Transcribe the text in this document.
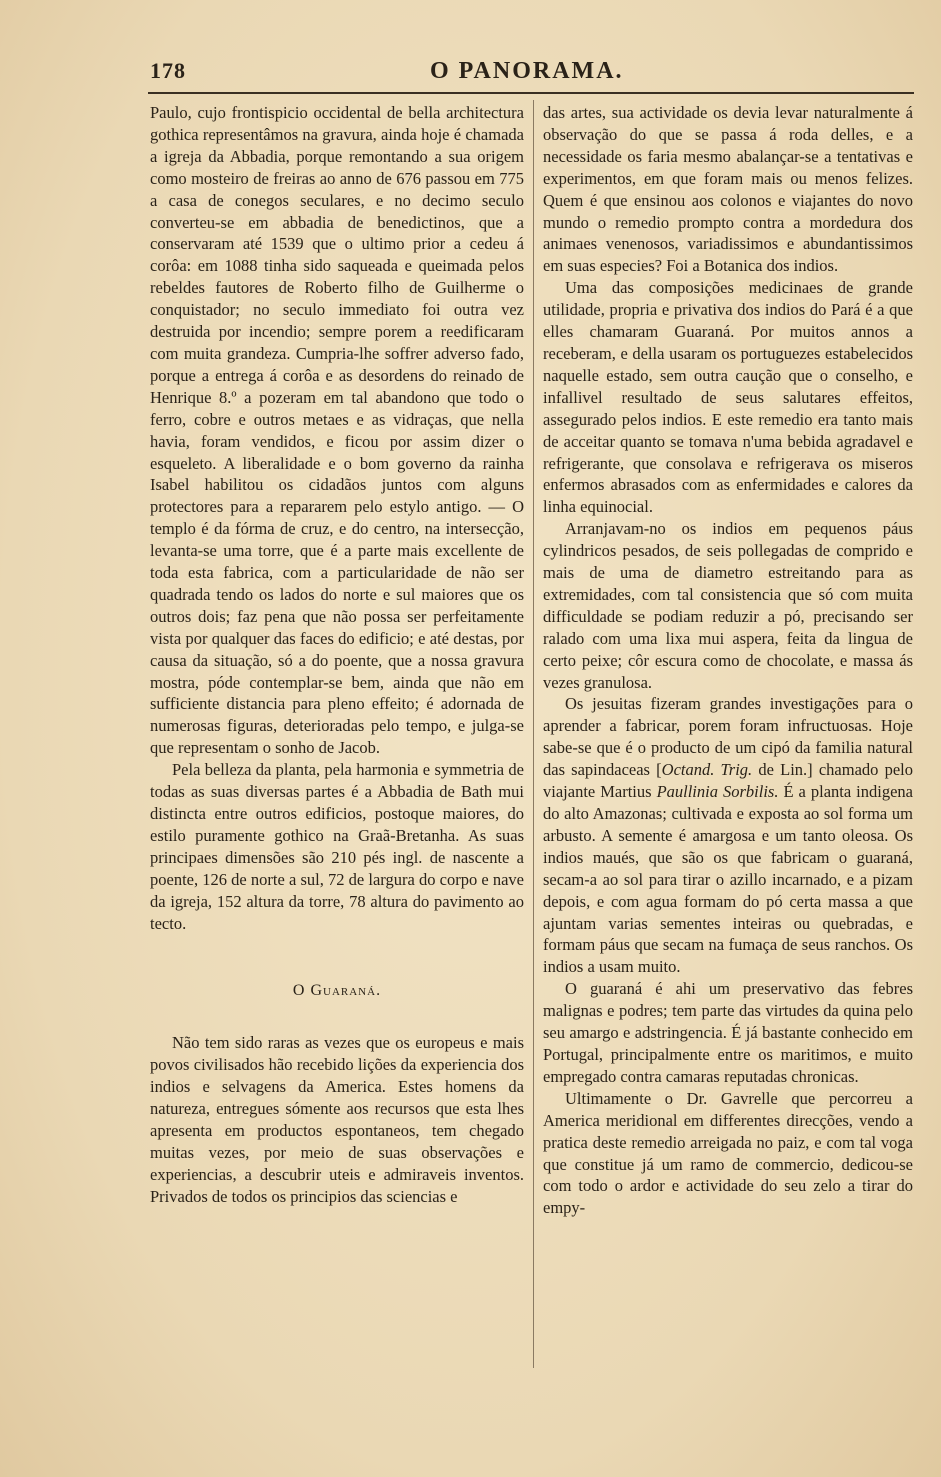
178	O PANORAMA.

Paulo, cujo frontispicio occidental de bella architectura gothica representâmos na gravura, ainda hoje é chamada a igreja da Abbadia, porque remontando a sua origem como mosteiro de freiras ao anno de 676 passou em 775 a casa de conegos seculares, e no decimo seculo converteu-se em abbadia de benedictinos, que a conservaram até 1539 que o ultimo prior a cedeu á corôa: em 1088 tinha sido saqueada e queimada pelos rebeldes fautores de Roberto filho de Guilherme o conquistador; no seculo immediato foi outra vez destruida por incendio; sempre porem a reedificaram com muita grandeza. Cumpria-lhe soffrer adverso fado, porque a entrega á corôa e as desordens do reinado de Henrique 8.º a pozeram em tal abandono que todo o ferro, cobre e outros metaes e as vidraças, que nella havia, foram vendidos, e ficou por assim dizer o esqueleto. A liberalidade e o bom governo da rainha Isabel habilitou os cidadãos juntos com alguns protectores para a repararem pelo estylo antigo. — O templo é da fórma de cruz, e do centro, na intersecção, levanta-se uma torre, que é a parte mais excellente de toda esta fabrica, com a particularidade de não ser quadrada tendo os lados do norte e sul maiores que os outros dois; faz pena que não possa ser perfeitamente vista por qualquer das faces do edificio; e até destas, por causa da situação, só a do poente, que a nossa gravura mostra, póde contemplar-se bem, ainda que não em sufficiente distancia para pleno effeito; é adornada de numerosas figuras, deterioradas pelo tempo, e julga-se que representam o sonho de Jacob.

Pela belleza da planta, pela harmonia e symmetria de todas as suas diversas partes é a Abbadia de Bath mui distincta entre outros edificios, postoque maiores, do estilo puramente gothico na Graã-Bretanha. As suas principaes dimensões são 210 pés ingl. de nascente a poente, 126 de norte a sul, 72 de largura do corpo e nave da igreja, 152 altura da torre, 78 altura do pavimento ao tecto.

O Guaraná.

Não tem sido raras as vezes que os europeus e mais povos civilisados hão recebido lições da experiencia dos indios e selvagens da America. Estes homens da natureza, entregues sómente aos recursos que esta lhes apresenta em productos espontaneos, tem chegado muitas vezes, por meio de suas observações e experiencias, a descubrir uteis e admiraveis inventos. Privados de todos os principios das sciencias e

das artes, sua actividade os devia levar naturalmente á observação do que se passa á roda delles, e a necessidade os faria mesmo abalançar-se a tentativas e experimentos, em que foram mais ou menos felizes. Quem é que ensinou aos colonos e viajantes do novo mundo o remedio prompto contra a mordedura dos animaes venenosos, variadissimos e abundantissimos em suas especies? Foi a Botanica dos indios.

Uma das composições medicinaes de grande utilidade, propria e privativa dos indios do Pará é a que elles chamaram Guaraná. Por muitos annos a receberam, e della usaram os portuguezes estabelecidos naquelle estado, sem outra caução que o conselho, e infallivel resultado de seus salutares effeitos, assegurado pelos indios. E este remedio era tanto mais de acceitar quanto se tomava n'uma bebida agradavel e refrigerante, que consolava e refrigerava os miseros enfermos abrasados com as enfermidades e calores da linha equinocial.

Arranjavam-no os indios em pequenos páus cylindricos pesados, de seis pollegadas de comprido e mais de uma de diametro estreitando para as extremidades, com tal consistencia que só com muita difficuldade se podiam reduzir a pó, precisando ser ralado com uma lixa mui aspera, feita da lingua de certo peixe; côr escura como de chocolate, e massa ás vezes granulosa.

Os jesuitas fizeram grandes investigações para o aprender a fabricar, porem foram infructuosas. Hoje sabe-se que é o producto de um cipó da familia natural das sapindaceas [Octand. Trig. de Lin.] chamado pelo viajante Martius Paullinia Sorbilis. É a planta indigena do alto Amazonas; cultivada e exposta ao sol forma um arbusto. A semente é amargosa e um tanto oleosa. Os indios maués, que são os que fabricam o guaraná, secam-a ao sol para tirar o azillo incarnado, e a pizam depois, e com agua formam do pó certa massa a que ajuntam varias sementes inteiras ou quebradas, e formam páus que secam na fumaça de seus ranchos. Os indios a usam muito.

O guaraná é ahi um preservativo das febres malignas e podres; tem parte das virtudes da quina pelo seu amargo e adstringencia. É já bastante conhecido em Portugal, principalmente entre os maritimos, e muito empregado contra camaras reputadas chronicas.

Ultimamente o Dr. Gavrelle que percorreu a America meridional em differentes direcções, vendo a pratica deste remedio arreigada no paiz, e com tal voga que constitue já um ramo de commercio, dedicou-se com todo o ardor e actividade do seu zelo a tirar do empy-
